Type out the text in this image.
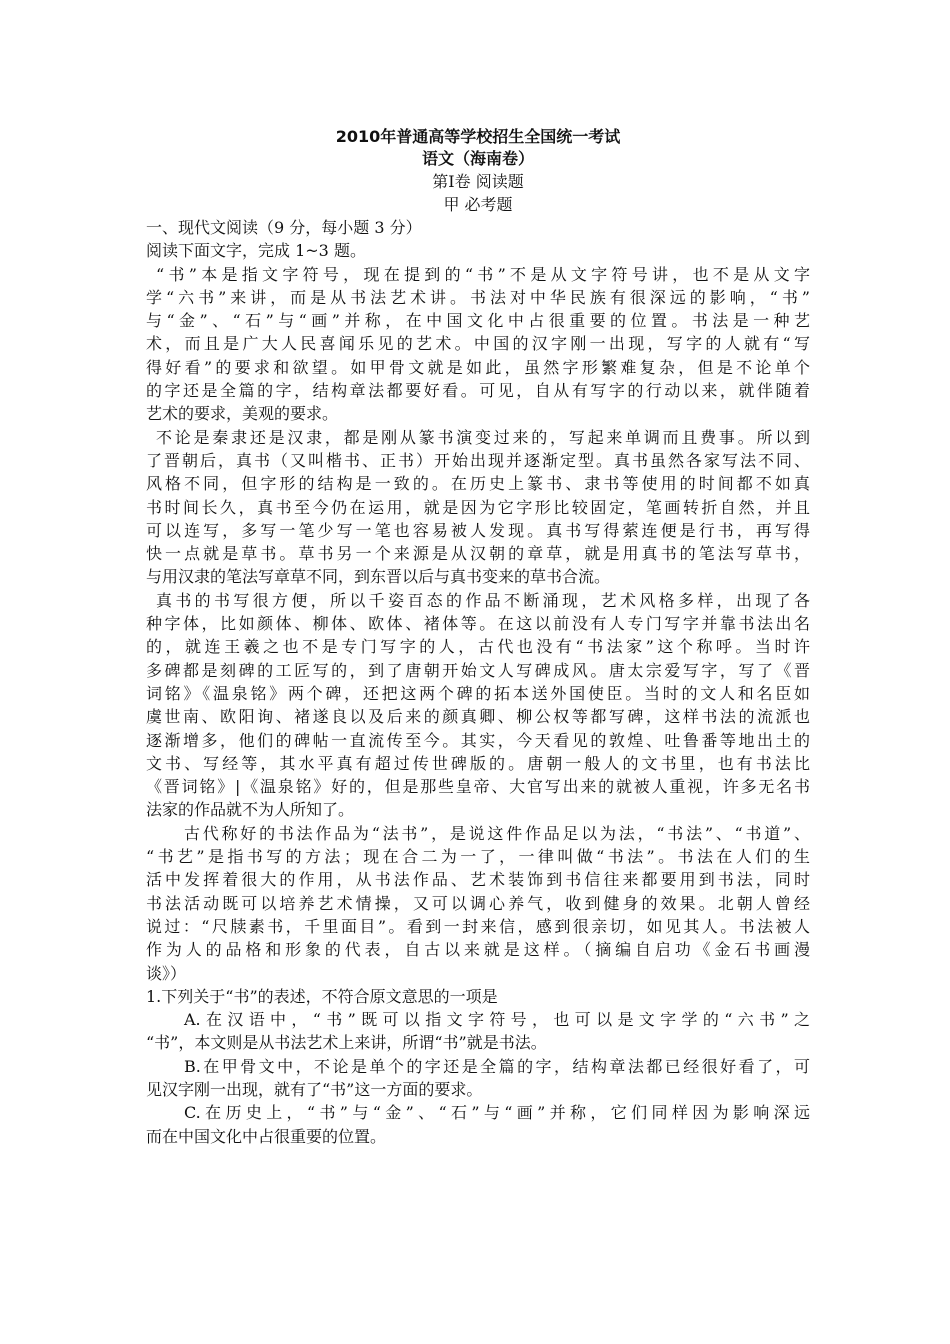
2010年普通高等学校招生全国统一考试

语文（海南卷）

第Ⅰ卷 阅读题

甲 必考题

一、现代文阅读（9 分，每小题 3 分）

阅读下面文字，完成 1~3 题。

“书”本是指文字符号，现在提到的“书”不是从文字符号讲，也不是从文字

学“六书”来讲，而是从书法艺术讲。书法对中华民族有很深远的影响，“书”

与“金”、“石”与“画”并称，在中国文化中占很重要的位置。书法是一种艺

术，而且是广大人民喜闻乐见的艺术。中国的汉字刚一出现，写字的人就有“写

得好看”的要求和欲望。如甲骨文就是如此，虽然字形繁难复杂，但是不论单个

的字还是全篇的字，结构章法都要好看。可见，自从有写字的行动以来，就伴随着

艺术的要求，美观的要求。

不论是秦隶还是汉隶，都是刚从篆书演变过来的，写起来单调而且费事。所以到

了晋朝后，真书（又叫楷书、正书）开始出现并逐渐定型。真书虽然各家写法不同、

风格不同，但字形的结构是一致的。在历史上篆书、隶书等使用的时间都不如真

书时间长久，真书至今仍在运用，就是因为它字形比较固定，笔画转折自然，并且

可以连写，多写一笔少写一笔也容易被人发现。真书写得萦连便是行书，再写得

快一点就是草书。草书另一个来源是从汉朝的章草，就是用真书的笔法写草书，

与用汉隶的笔法写章草不同，到东晋以后与真书变来的草书合流。

真书的书写很方便，所以千姿百态的作品不断涌现，艺术风格多样，出现了各

种字体，比如颜体、柳体、欧体、褚体等。在这以前没有人专门写字并靠书法出名

的，就连王羲之也不是专门写字的人，古代也没有“书法家”这个称呼。当时许

多碑都是刻碑的工匠写的，到了唐朝开始文人写碑成风。唐太宗爱写字，写了《晋

词铭》《温泉铭》两个碑，还把这两个碑的拓本送外国使臣。当时的文人和名臣如

虞世南、欧阳询、褚遂良以及后来的颜真卿、柳公权等都写碑，这样书法的流派也

逐渐增多，他们的碑帖一直流传至今。其实，今天看见的敦煌、吐鲁番等地出土的

文书、写经等，其水平真有超过传世碑版的。唐朝一般人的文书里，也有书法比

《晋词铭》|《温泉铭》好的，但是那些皇帝、大官写出来的就被人重视，许多无名书

法家的作品就不为人所知了。

古代称好的书法作品为“法书”，是说这件作品足以为法，“书法”、“书道”、

“书艺”是指书写的方法；现在合二为一了，一律叫做“书法”。书法在人们的生

活中发挥着很大的作用，从书法作品、艺术装饰到书信往来都要用到书法，同时

书法活动既可以培养艺术情操，又可以调心养气，收到健身的效果。北朝人曾经

说过：“尺牍素书，千里面目”。看到一封来信，感到很亲切，如见其人。书法被人

作为人的品格和形象的代表，自古以来就是这样。（摘编自启功《金石书画漫

谈》）

1.下列关于“书”的表述，不符合原文意思的一项是

A.在汉语中，“书”既可以指文字符号，也可以是文字学的“六书”之

“书”，本文则是从书法艺术上来讲，所谓“书”就是书法。

B.在甲骨文中，不论是单个的字还是全篇的字，结构章法都已经很好看了，可

见汉字刚一出现，就有了“书”这一方面的要求。

C.在历史上，“书”与“金”、“石”与“画”并称，它们同样因为影响深远

而在中国文化中占很重要的位置。
